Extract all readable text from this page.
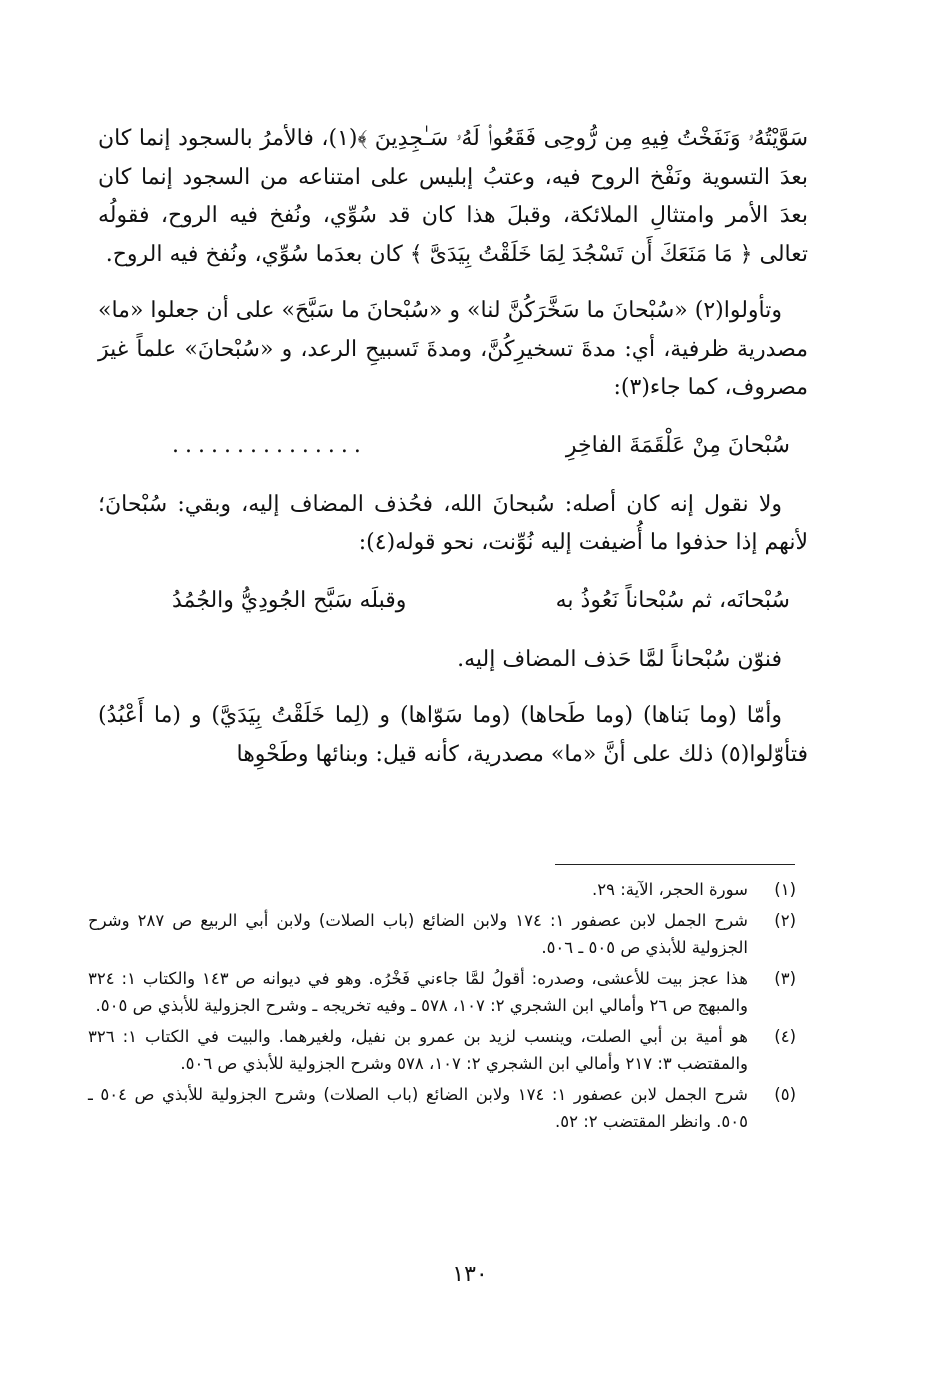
سَوَّيْتُهُۥ وَنَفَخْتُ فِيهِ مِن رُّوحِى فَقَعُوا۟ لَهُۥ سَـٰجِدِينَ ﴾(١)، فالأمرُ بالسجود إنما كان بعدَ التسوية ونَفْخ الروح فيه، وعتبُ إبليس على امتناعه من السجود إنما كان بعدَ الأمر وامتثالِ الملائكة، وقبلَ هذا كان قد سُوِّي، ونُفخ فيه الروح، فقولُه تعالى ﴿ مَا مَنَعَكَ أَن تَسْجُدَ لِمَا خَلَقْتُ بِيَدَىَّ ﴾ كان بعدَما سُوِّي، ونُفخ فيه الروح.

وتأولوا(٢) «سُبْحانَ ما سَخَّرَكُنَّ لنا» و «سُبْحانَ ما سَبَّحَ» على أن جعلوا «ما» مصدرية ظرفية، أي: مدةَ تسخيرِكُنَّ، ومدةَ تَسبيحِ الرعد، و «سُبْحانَ» علماً غيرَ مصروف، كما جاء(٣):

سُبْحانَ مِنْ عَلْقَمَةَ الفاخِرِ
...............

ولا نقول إنه كان أصله: سُبحانَ الله، فحُذف المضاف إليه، وبقي: سُبْحانَ؛ لأنهم إذا حذفوا ما أُضيفت إليه نُوِّنت، نحو قوله(٤):

سُبْحانَه، ثم سُبْحاناً نَعُوذُ به
وقبلَه سَبَّح الجُودِيُّ والجُمُدُ

فنوّن سُبْحاناً لمَّا حَذف المضاف إليه.

وأمّا (وما بَناها) (وما طَحاها) (وما سَوّاها) و (لِما خَلَقْتُ بِيَدَيَّ) و (ما أَعْبُدُ) فتأوّلوا(٥) ذلك على أنَّ «ما» مصدرية، كأنه قيل: وبنائها وطَحْوِها

(١)
سورة الحجر، الآية: ٢٩.
(٢)
شرح الجمل لابن عصفور ١: ١٧٤ ولابن الضائع (باب الصلات) ولابن أبي الربيع ص ٢٨٧ وشرح الجزولية للأبذي ص ٥٠٥ ـ ٥٠٦.
(٣)
هذا عجز بيت للأعشى، وصدره: أقولُ لمَّا جاءني فَخْرُه. وهو في ديوانه ص ١٤٣ والكتاب ١: ٣٢٤ والمبهج ص ٢٦ وأمالي ابن الشجري ٢: ١٠٧، ٥٧٨ ـ وفيه تخريجه ـ وشرح الجزولية للأبذي ص ٥٠٥.
(٤)
هو أمية بن أبي الصلت، وينسب لزيد بن عمرو بن نفيل، ولغيرهما. والبيت في الكتاب ١: ٣٢٦ والمقتضب ٣: ٢١٧ وأمالي ابن الشجري ٢: ١٠٧، ٥٧٨ وشرح الجزولية للأبذي ص ٥٠٦.
(٥)
شرح الجمل لابن عصفور ١: ١٧٤ ولابن الضائع (باب الصلات) وشرح الجزولية للأبذي ص ٥٠٤ ـ ٥٠٥. وانظر المقتضب ٢: ٥٢.
١٣٠
